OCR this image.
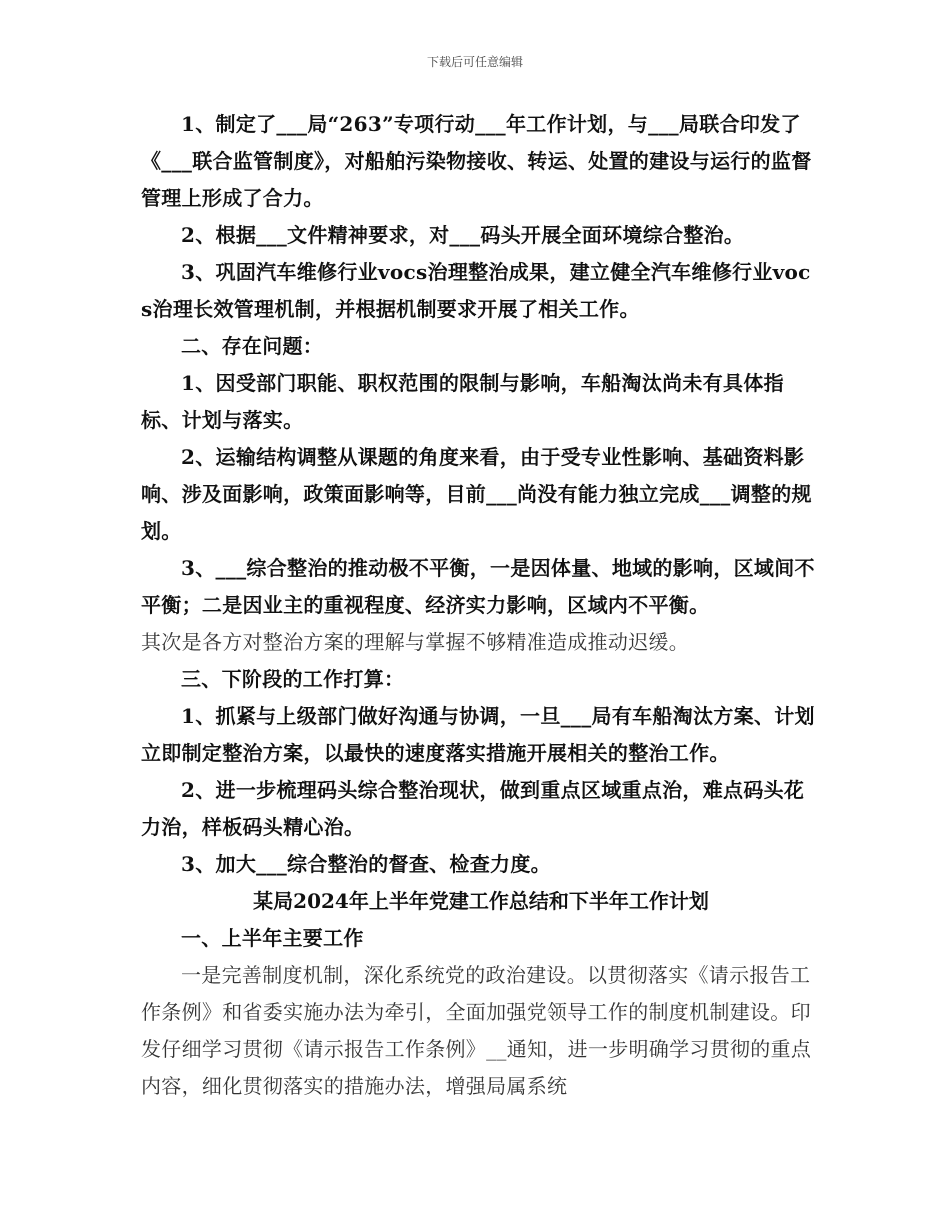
下载后可任意编辑

1、制定了___局“263”专项行动___年工作计划，与___局联合印发了《___联合监管制度》，对船舶污染物接收、转运、处置的建设与运行的监督管理上形成了合力。

2、根据___文件精神要求，对___码头开展全面环境综合整治。

3、巩固汽车维修行业vocs治理整治成果，建立健全汽车维修行业vocs治理长效管理机制，并根据机制要求开展了相关工作。

二、存在问题：

1、因受部门职能、职权范围的限制与影响，车船淘汰尚未有具体指标、计划与落实。

2、运输结构调整从课题的角度来看，由于受专业性影响、基础资料影响、涉及面影响，政策面影响等，目前___尚没有能力独立完成___调整的规划。

3、___综合整治的推动极不平衡，一是因体量、地域的影响，区域间不平衡；二是因业主的重视程度、经济实力影响，区域内不平衡。

其次是各方对整治方案的理解与掌握不够精准造成推动迟缓。

三、下阶段的工作打算：

1、抓紧与上级部门做好沟通与协调，一旦___局有车船淘汰方案、计划立即制定整治方案，以最快的速度落实措施开展相关的整治工作。

2、进一步梳理码头综合整治现状，做到重点区域重点治，难点码头花力治，样板码头精心治。

3、加大___综合整治的督查、检查力度。

某局2024年上半年党建工作总结和下半年工作计划

一、上半年主要工作

一是完善制度机制，深化系统党的政治建设。以贯彻落实《请示报告工作条例》和省委实施办法为牵引，全面加强党领导工作的制度机制建设。印发仔细学习贯彻《请示报告工作条例》__通知，进一步明确学习贯彻的重点内容，细化贯彻落实的措施办法，增强局属系统
